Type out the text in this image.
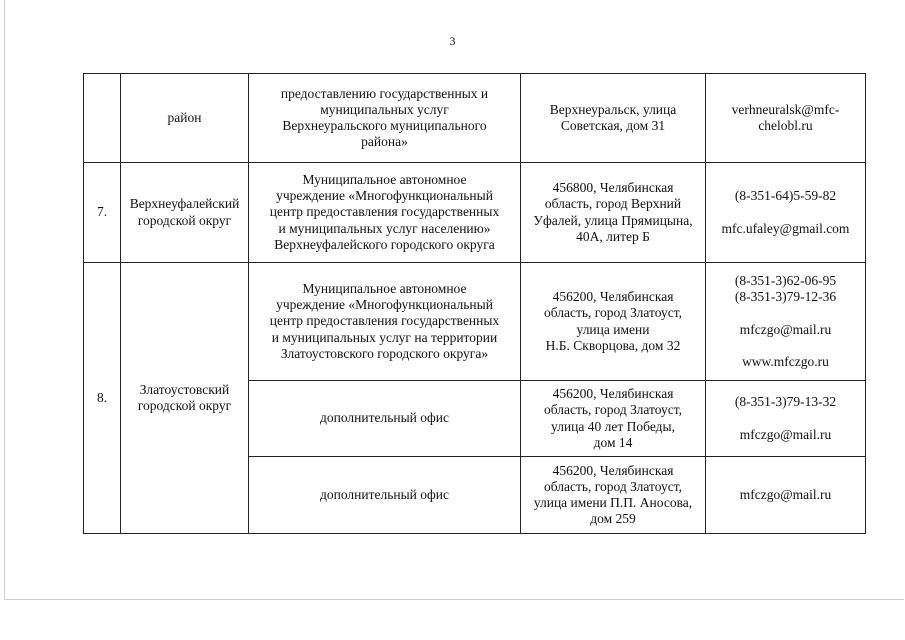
3

	район	предоставлению государственных и
муниципальных услуг
Верхнеуральского муниципального
района»	Верхнеуральск, улица
Советская, дом 31	verhneuralsk@mfc-
chelobl.ru

7.	Верхнеуфалейский
городской округ	Муниципальное автономное
учреждение «Многофункциональный
центр предоставления государственных
и муниципальных услуг населению»
Верхнеуфалейского городского округа	456800, Челябинская
область, город Верхний
Уфалей, улица Прямицына,
40А, литер Б	(8-351-64)5-59-82

mfc.ufaley@gmail.com

8.	Златоустовский
городской округ	Муниципальное автономное
учреждение «Многофункциональный
центр предоставления государственных
и муниципальных услуг на территории
Златоустовского городского округа»	456200, Челябинская
область, город Златоуст,
улица имени
Н.Б. Скворцова, дом 32	(8-351-3)62-06-95
(8-351-3)79-12-36

mfczgo@mail.ru

www.mfczgo.ru

		дополнительный офис	456200, Челябинская
область, город Златоуст,
улица 40 лет Победы,
дом 14	(8-351-3)79-13-32

mfczgo@mail.ru

		дополнительный офис	456200, Челябинская
область, город Златоуст,
улица имени П.П. Аносова,
дом 259	mfczgo@mail.ru
